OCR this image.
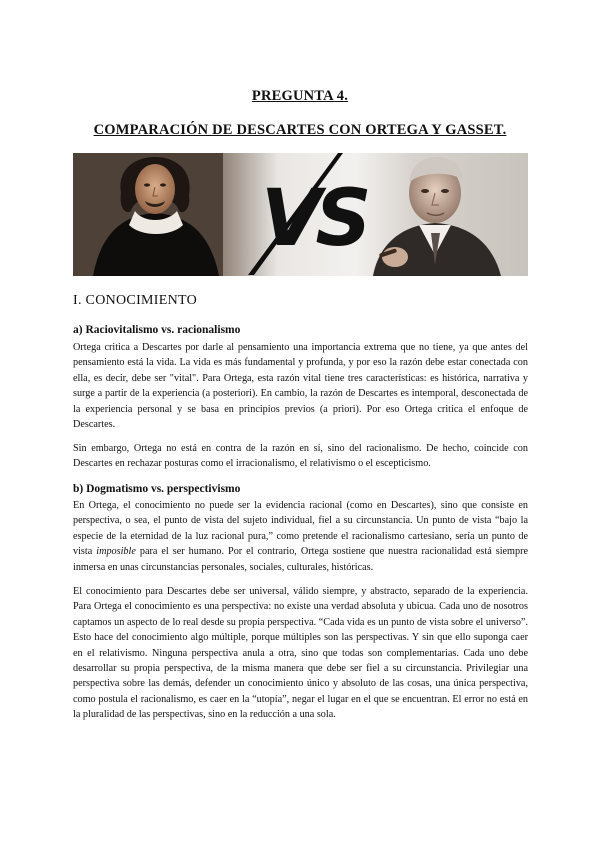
PREGUNTA 4.
COMPARACIÓN DE DESCARTES CON ORTEGA Y GASSET.
VS
I. CONOCIMIENTO
a) Raciovitalismo vs. racionalismo

Ortega critica a Descartes por darle al pensamiento una importancia extrema que no tiene, ya que antes del pensamiento está la vida. La vida es más fundamental y profunda, y por eso la razón debe estar conectada con ella, es decir, debe ser "vital". Para Ortega, esta razón vital tiene tres características: es histórica, narrativa y surge a partir de la experiencia (a posteriori). En cambio, la razón de Descartes es intemporal, desconectada de la experiencia personal y se basa en principios previos (a priori). Por eso Ortega critica el enfoque de Descartes.

Sin embargo, Ortega no está en contra de la razón en sí, sino del racionalismo. De hecho, coincide con Descartes en rechazar posturas como el irracionalismo, el relativismo o el escepticismo.

b) Dogmatismo vs. perspectivismo

En Ortega, el conocimiento no puede ser la evidencia racional (como en Descartes), sino que consiste en perspectiva, o sea, el punto de vista del sujeto individual, fiel a su circunstancia. Un punto de vista “bajo la especie de la eternidad de la luz racional pura,” como pretende el racionalismo cartesiano, sería un punto de vista imposible para el ser humano. Por el contrario, Ortega sostiene que nuestra racionalidad está siempre inmersa en unas circunstancias personales, sociales, culturales, históricas.

El conocimiento para Descartes debe ser universal, válido siempre, y abstracto, separado de la experiencia. Para Ortega el conocimiento es una perspectiva: no existe una verdad absoluta y ubicua. Cada uno de nosotros captamos un aspecto de lo real desde su propia perspectiva. “Cada vida es un punto de vista sobre el universo”. Esto hace del conocimiento algo múltiple, porque múltiples son las perspectivas. Y sin que ello suponga caer en el relativismo. Ninguna perspectiva anula a otra, sino que todas son complementarias. Cada uno debe desarrollar su propia perspectiva, de la misma manera que debe ser fiel a su circunstancia. Privilegiar una perspectiva sobre las demás, defender un conocimiento único y absoluto de las cosas, una única perspectiva, como postula el racionalismo, es caer en la “utopía”, negar el lugar en el que se encuentran. El error no está en la pluralidad de las perspectivas, sino en la reducción a una sola.
